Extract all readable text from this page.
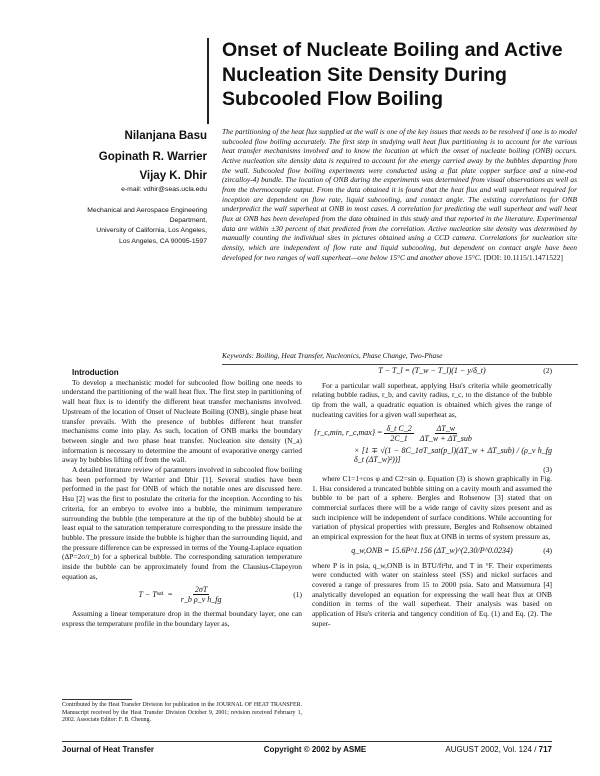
Onset of Nucleate Boiling and Active Nucleation Site Density During Subcooled Flow Boiling
Nilanjana Basu
Gopinath R. Warrier
Vijay K. Dhir
e-mail: vdhir@seas.ucla.edu
Mechanical and Aerospace Engineering
Department,
University of California, Los Angeles,
Los Angeles, CA 90095-1597
The partitioning of the heat flux supplied at the wall is one of the key issues that needs to be resolved if one is to model subcooled flow boiling accurately. The first step in studying wall heat flux partitioning is to account for the various heat transfer mechanisms involved and to know the location at which the onset of nucleate boiling (ONB) occurs. Active nucleation site density data is required to account for the energy carried away by the bubbles departing from the wall. Subcooled flow boiling experiments were conducted using a flat plate copper surface and a nine-rod (zircalloy-4) bundle. The location of ONB during the experiments was determined from visual observations as well as from the thermocouple output. From the data obtained it is found that the heat flux and wall superheat required for inception are dependent on flow rate, liquid subcooling, and contact angle. The existing correlations for ONB underpredict the wall superheat at ONB in most cases. A correlation for predicting the wall superheat and wall heat flux at ONB has been developed from the data obtained in this study and that reported in the literature. Experimental data are within ±30 percent of that predicted from the correlation. Active nucleation site density was determined by manually counting the individual sites in pictures obtained using a CCD camera. Correlations for nucleation site density, which are independent of flow rate and liquid subcooling, but dependent on contact angle have been developed for two ranges of wall superheat—one below 15°C and another above 15°C. [DOI: 10.1115/1.1471522]
Keywords: Boiling, Heat Transfer, Nucleonics, Phase Change, Two-Phase

Introduction

To develop a mechanistic model for subcooled flow boiling one needs to understand the partitioning of the wall heat flux. The first step in partitioning of wall heat flux is to identify the different heat transfer mechanisms involved. Upstream of the location of Onset of Nucleate Boiling (ONB), single phase heat transfer prevails. With the presence of bubbles different heat transfer mechanisms come into play. As such, location of ONB marks the boundary between single and two phase heat transfer. Nucleation site density (N_a) information is necessary to determine the amount of evaporative energy carried away by bubbles lifting off from the wall.

A detailed literature review of parameters involved in subcooled flow boiling has been performed by Warrier and Dhir [1]. Several studies have been performed in the past for ONB of which the notable ones are discussed here. Hsu [2] was the first to postulate the criteria for the inception. According to his criteria, for an embryo to evolve into a bubble, the minimum temperature surrounding the bubble (the temperature at the tip of the bubble) should be at least equal to the saturation temperature corresponding to the pressure inside the bubble. The pressure inside the bubble is higher than the surrounding liquid, and the pressure difference can be expressed in terms of the Young-Laplace equation (ΔP=2σ/r_b) for a spherical bubble. The corresponding saturation temperature inside the bubble can be approximately found from the Clausius-Clapeyron equation as,

T − T sat = $\frac{2\sigma T}{\text{r\_b ρ\_v h\_fg}}$	(1)

Assuming a linear temperature drop in the thermal boundary layer, one can express the temperature profile in the boundary layer as,

T − T_l = (T_w − T_l)(1 − y/δ_t)	(2)

For a particular wall superheat, applying Hsu's criteria while geometrically relating bubble radius, r_b, and cavity radius, r_c, to the distance of the bubble tip from the wall, a quadratic equation is obtained which gives the range of nucleating cavities for a given wall superheat as,

{r_c,min, r_c,max} = $\frac{\text{δ\_t C\_2}}{2C\_1} \frac{\Delta T\_w}{\text{ΔT\_w + ΔT\_sub}}$
× [1 ∓ √(1 − 8C_1σT_sat(p_l)(ΔT_w + ΔT_sub) / (ρ_v h_fg δ_t (ΔT_w)²))]
(3)

where C1=1+cos φ and C2=sin φ. Equation (3) is shown graphically in Fig. 1. Hsu considered a truncated bubble sitting on a cavity mouth and assumed the bubble to be part of a sphere. Bergles and Rohsenow [3] stated that on commercial surfaces there will be a wide range of cavity sizes present and as such incipience will be independent of surface conditions. While accounting for variation of physical properties with pressure, Bergles and Rohsenow obtained an empirical expression for the heat flux at ONB in terms of system pressure as,

q_w,ONB = 15.6P^1.156 (ΔT_w)^(2.30/P^0.0234)	(4)

where P is in psia, q_w,ONB is in BTU/ft²hr, and T in °F. Their experiments were conducted with water on stainless steel (SS) and nickel surfaces and covered a range of pressures from 15 to 2000 psia. Sato and Matsumura [4] analytically developed an equation for expressing the wall heat flux at ONB condition in terms of the wall superheat. Their analysis was based on application of Hsu's criteria and tangency condition of Eq. (1) and Eq. (2). The super-

Contributed by the Heat Transfer Division for publication in the JOURNAL OF HEAT TRANSFER. Manuscript received by the Heat Transfer Division October 9, 2001; revision received February 1, 2002. Associate Editor: F. B. Cheung.
Journal of Heat Transfer	Copyright © 2002 by ASME	AUGUST 2002, Vol. 124 / 717
